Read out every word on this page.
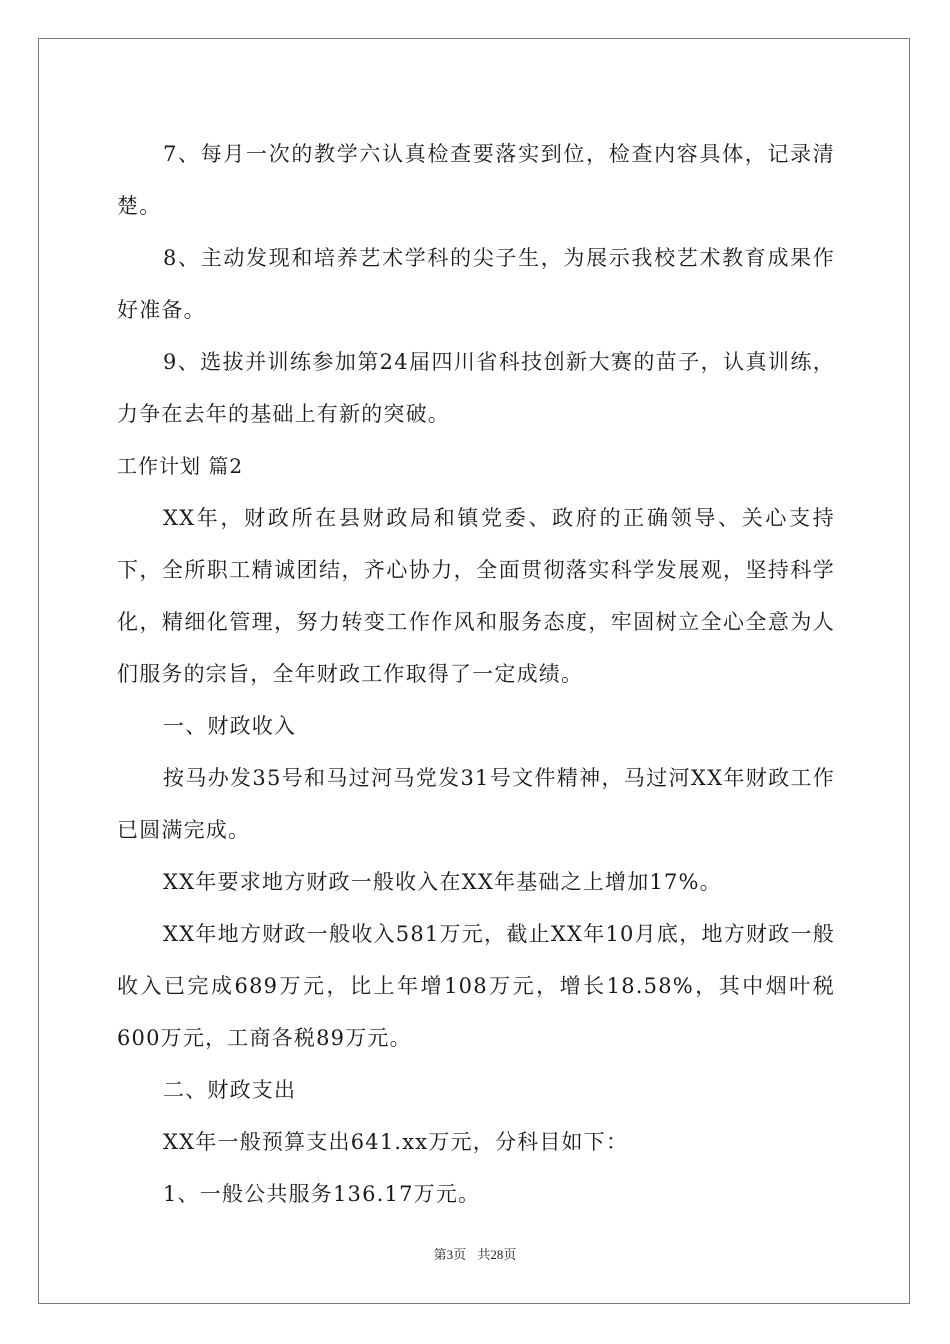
7、每月一次的教学六认真检查要落实到位，检查内容具体，记录清楚。

8、主动发现和培养艺术学科的尖子生，为展示我校艺术教育成果作好准备。

9、选拔并训练参加第24届四川省科技创新大赛的苗子，认真训练，力争在去年的基础上有新的突破。

工作计划 篇2

XX年，财政所在县财政局和镇党委、政府的正确领导、关心支持下，全所职工精诚团结，齐心协力，全面贯彻落实科学发展观，坚持科学化，精细化管理，努力转变工作作风和服务态度，牢固树立全心全意为人们服务的宗旨，全年财政工作取得了一定成绩。

一、财政收入

按马办发35号和马过河马党发31号文件精神，马过河XX年财政工作已圆满完成。

XX年要求地方财政一般收入在XX年基础之上增加17%。

XX年地方财政一般收入581万元，截止XX年10月底，地方财政一般收入已完成689万元，比上年增108万元，增长18.58%，其中烟叶税600万元，工商各税89万元。

二、财政支出

XX年一般预算支出641.xx万元，分科目如下：

1、一般公共服务136.17万元。

第3页 共28页
